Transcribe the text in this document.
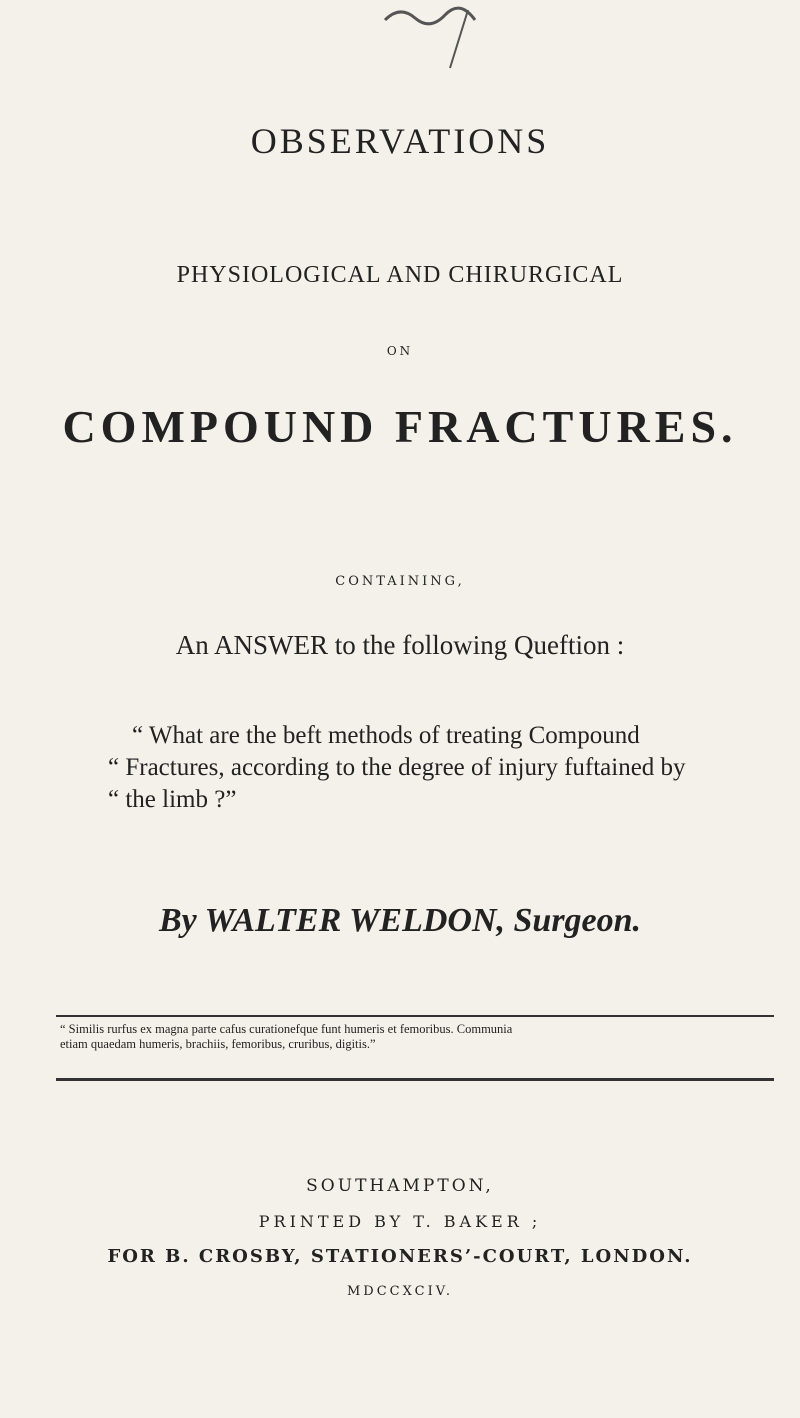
OBSERVATIONS
PHYSIOLOGICAL AND CHIRURGICAL
ON
COMPOUND FRACTURES.
CONTAINING,
An ANSWER to the following Queftion :
“ What are the beft methods of treating Compound
“ Fractures, according to the degree of injury fuftained by
“ the limb ?”
By WALTER WELDON, Surgeon.
“ Similis rurfus ex magna parte cafus curationefque funt humeris et femoribus. Communia
etiam quaedam humeris, brachiis, femoribus, cruribus, digitis.”
SOUTHAMPTON,
PRINTED BY T. BAKER ;
FOR B. CROSBY, STATIONERS’-COURT, LONDON.
MDCCXCIV.
